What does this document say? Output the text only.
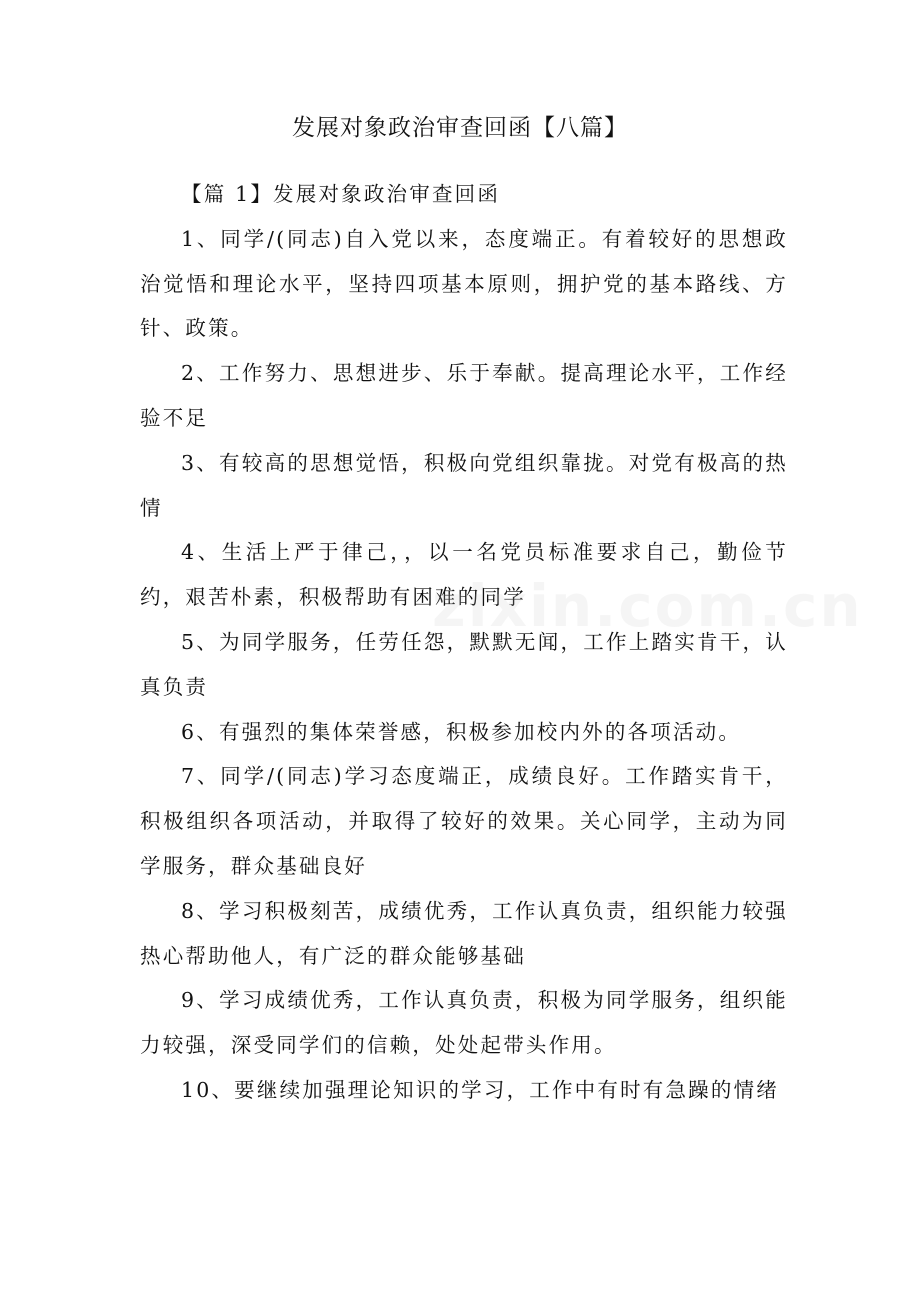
发展对象政治审查回函【八篇】

【篇 1】发展对象政治审查回函

1、同学/(同志)自入党以来，态度端正。有着较好的思想政治觉悟和理论水平，坚持四项基本原则，拥护党的基本路线、方针、政策。

2、工作努力、思想进步、乐于奉献。提高理论水平，工作经验不足

3、有较高的思想觉悟，积极向党组织靠拢。对党有极高的热情

4、生活上严于律己，，以一名党员标准要求自己，勤俭节约，艰苦朴素，积极帮助有困难的同学

5、为同学服务，任劳任怨，默默无闻，工作上踏实肯干，认真负责

6、有强烈的集体荣誉感，积极参加校内外的各项活动。

7、同学/(同志)学习态度端正，成绩良好。工作踏实肯干，积极组织各项活动，并取得了较好的效果。关心同学，主动为同学服务，群众基础良好

8、学习积极刻苦，成绩优秀，工作认真负责，组织能力较强热心帮助他人，有广泛的群众能够基础

9、学习成绩优秀，工作认真负责，积极为同学服务，组织能力较强，深受同学们的信赖，处处起带头作用。

10、要继续加强理论知识的学习，工作中有时有急躁的情绪

zixin.com.cn
